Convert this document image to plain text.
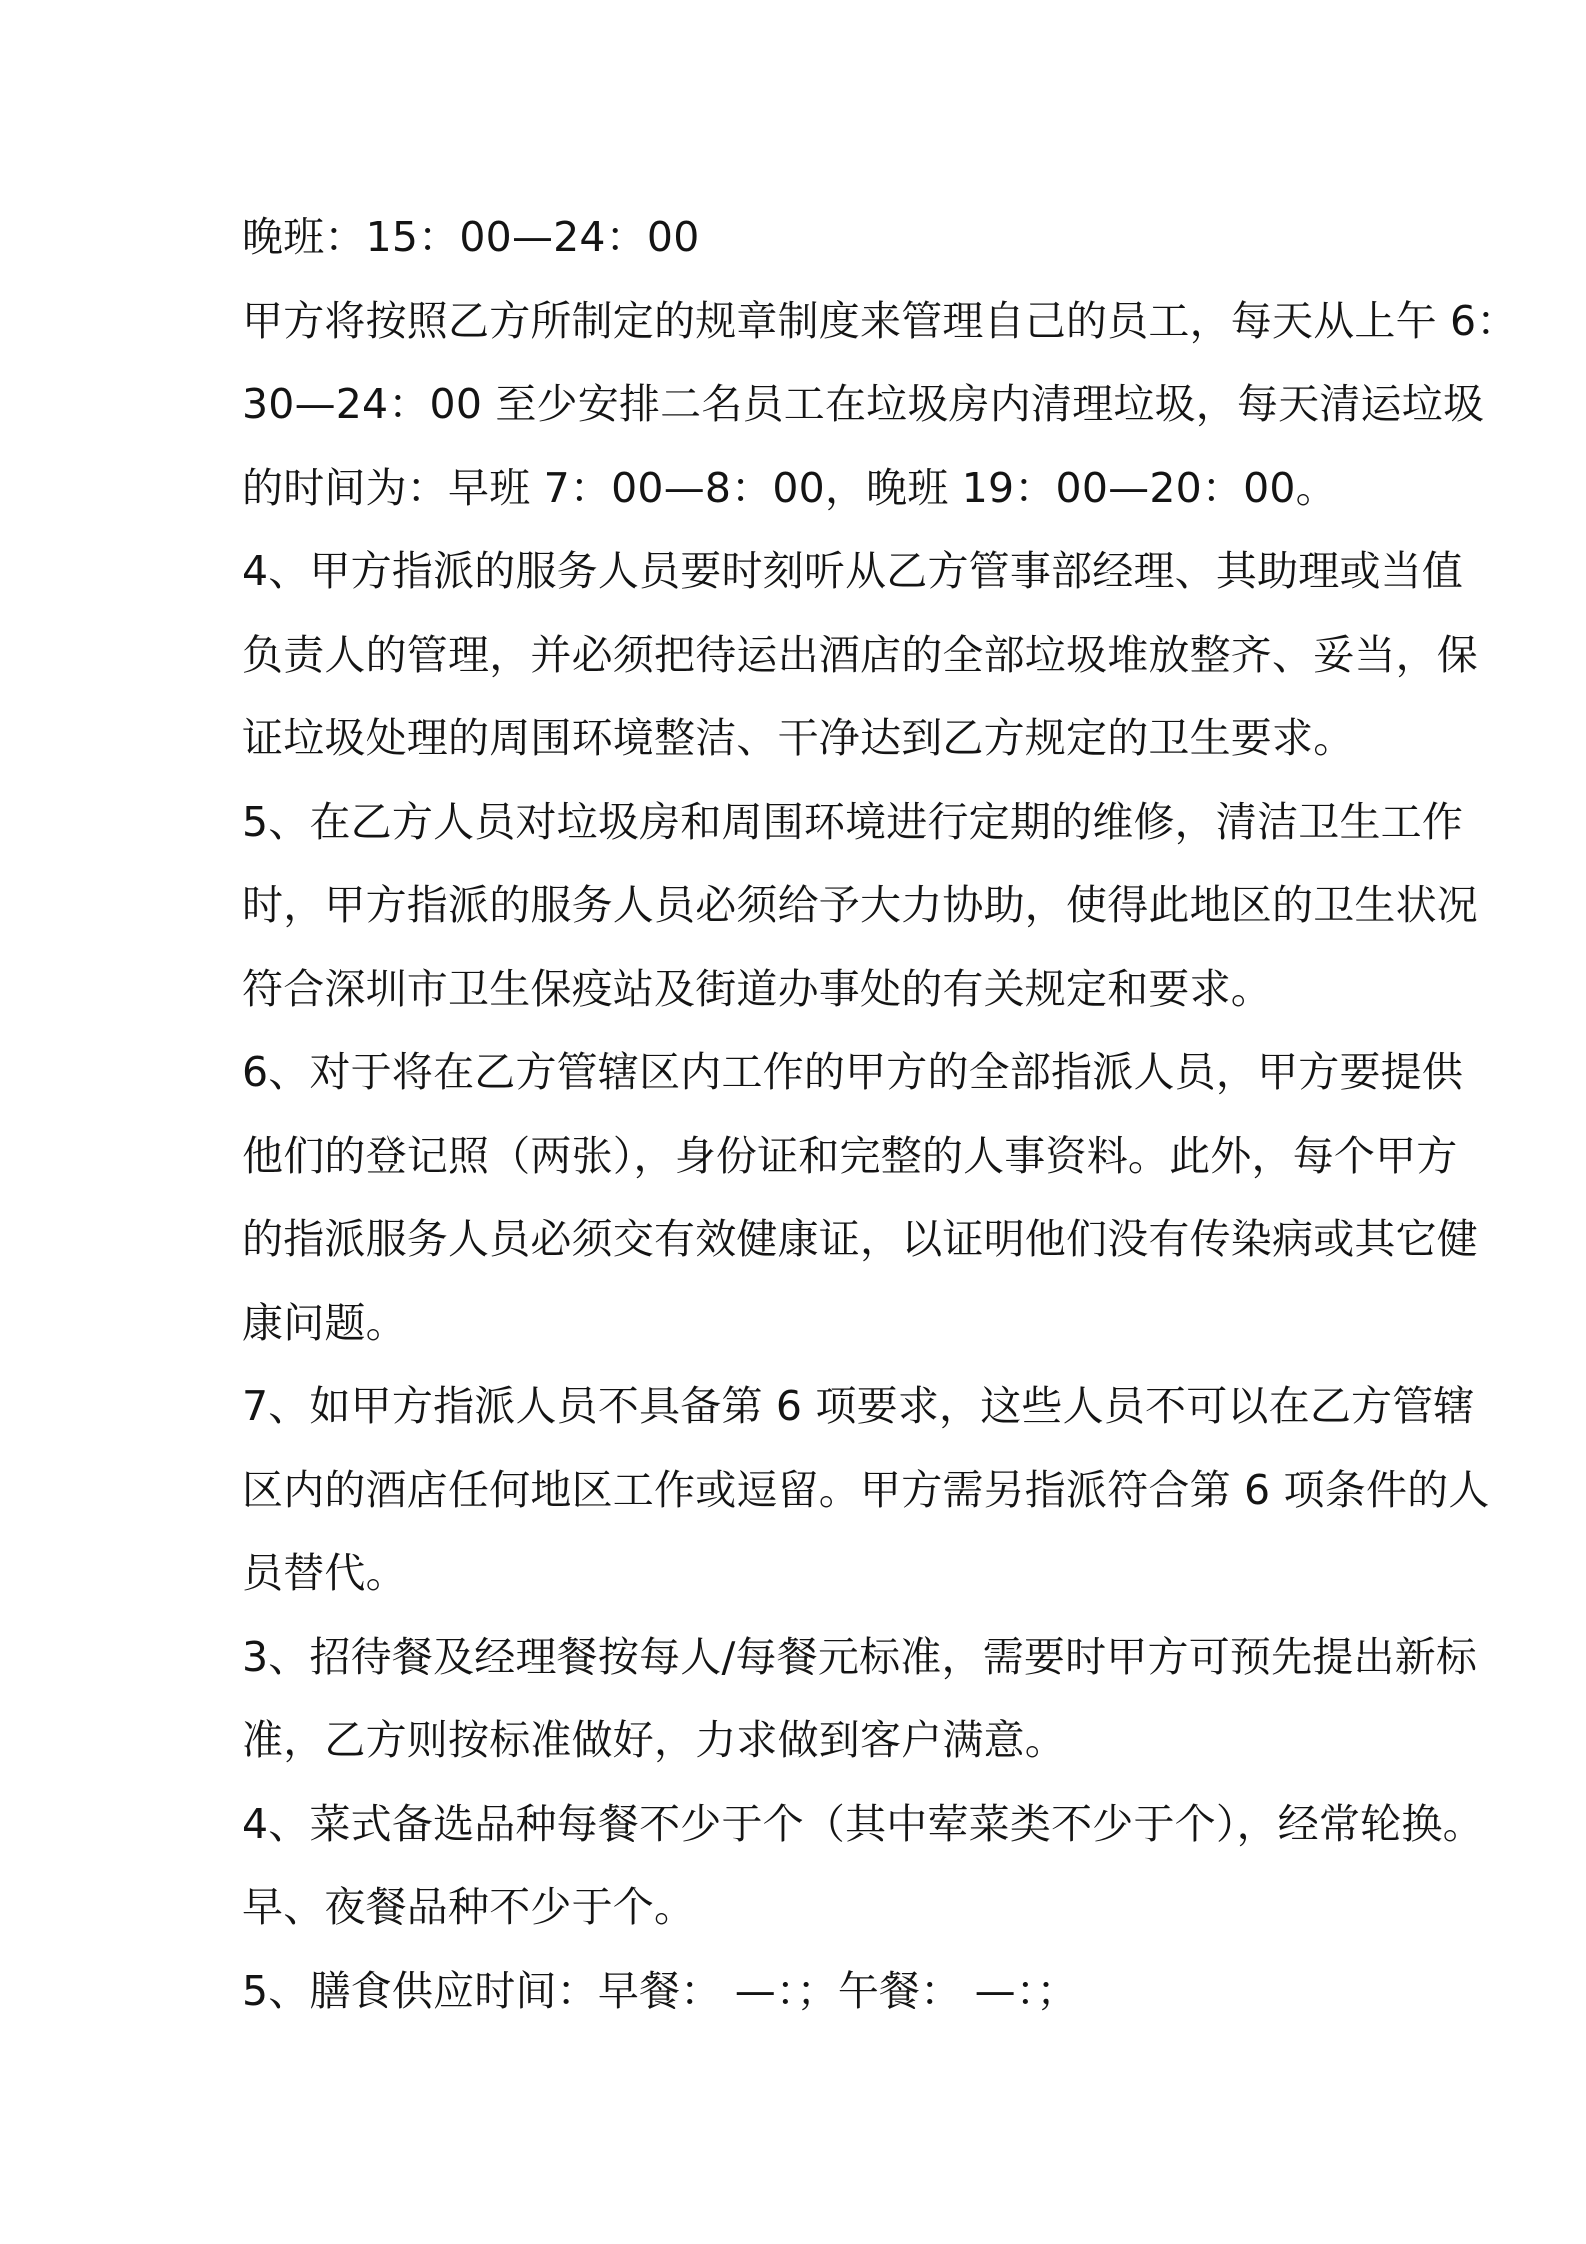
晚班：15：00—24：00
甲方将按照乙方所制定的规章制度来管理自己的员工，每天从上午 6：
30—24：00 至少安排二名员工在垃圾房内清理垃圾，每天清运垃圾
的时间为：早班 7：00—8：00，晚班 19：00—20：00。
4、甲方指派的服务人员要时刻听从乙方管事部经理、其助理或当值
负责人的管理，并必须把待运出酒店的全部垃圾堆放整齐、妥当，保
证垃圾处理的周围环境整洁、干净达到乙方规定的卫生要求。
5、在乙方人员对垃圾房和周围环境进行定期的维修，清洁卫生工作
时，甲方指派的服务人员必须给予大力协助，使得此地区的卫生状况
符合深圳市卫生保疫站及街道办事处的有关规定和要求。
6、对于将在乙方管辖区内工作的甲方的全部指派人员，甲方要提供
他们的登记照（两张），身份证和完整的人事资料。此外，每个甲方
的指派服务人员必须交有效健康证，以证明他们没有传染病或其它健
康问题。
7、如甲方指派人员不具备第 6 项要求，这些人员不可以在乙方管辖
区内的酒店任何地区工作或逗留。甲方需另指派符合第 6 项条件的人
员替代。
3、招待餐及经理餐按每人/每餐元标准，需要时甲方可预先提出新标
准，乙方则按标准做好，力求做到客户满意。
4、菜式备选品种每餐不少于个（其中荤菜类不少于个），经常轮换。
早、夜餐品种不少于个。
5、膳食供应时间：早餐： —：；午餐： —：；
